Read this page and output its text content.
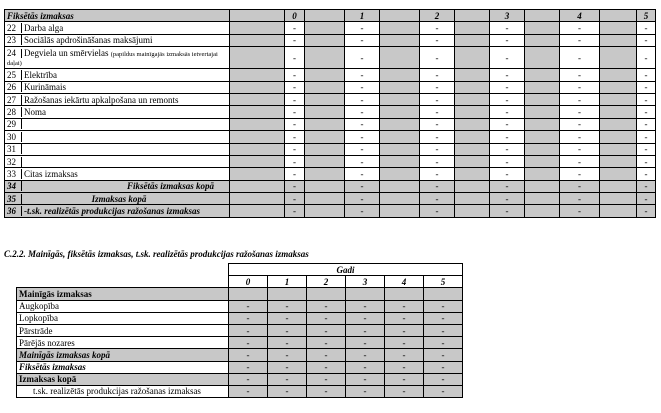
Fiksētās izmaksas		0		1		2		3		4		5
22 Darba alga		-		-		-		-		-		-
23 Sociālās apdrošināšanas maksājumi		-		-		-		-		-		-
24 Degviela un smērvielas (papildus mainīgajās izmaksās ietvertajai daļai)		-		-		-		-		-		-
25 Elektrība		-		-		-		-		-		-
26 Kurināmais		-		-		-		-		-		-
27 Ražošanas iekārtu apkalpošana un remonts		-		-		-		-		-		-
28 Noma		-		-		-		-		-		-
29		-		-		-		-		-		-
30		-		-		-		-		-		-
31		-		-		-		-		-		-
32		-		-		-		-		-		-
33 Citas izmaksas		-		-		-		-		-		-
34 Fiksētās izmaksas kopā		-		-		-		-		-		-
35 Izmaksas kopā		-		-		-		-		-		-
36 -t.sk. realizētās produkcijas ražošanas izmaksas		-		-		-		-		-		-
C.2.2. Mainīgās, fiksētās izmaksas, t.sk. realizētās produkcijas ražošanas izmaksas
	Gadi					
	0	1	2	3	4	5
Mainīgās izmaksas						
Augkopība	-	-	-	-	-	-
Lopkopība	-	-	-	-	-	-
Pārstrāde	-	-	-	-	-	-
Pārējās nozares	-	-	-	-	-	-
Mainīgās izmaksas kopā	-	-	-	-	-	-
Fiksētās izmaksas	-	-	-	-	-	-
Izmaksas kopā	-	-	-	-	-	-
t.sk. realizētās produkcijas ražošanas izmaksas	-	-	-	-	-	-
